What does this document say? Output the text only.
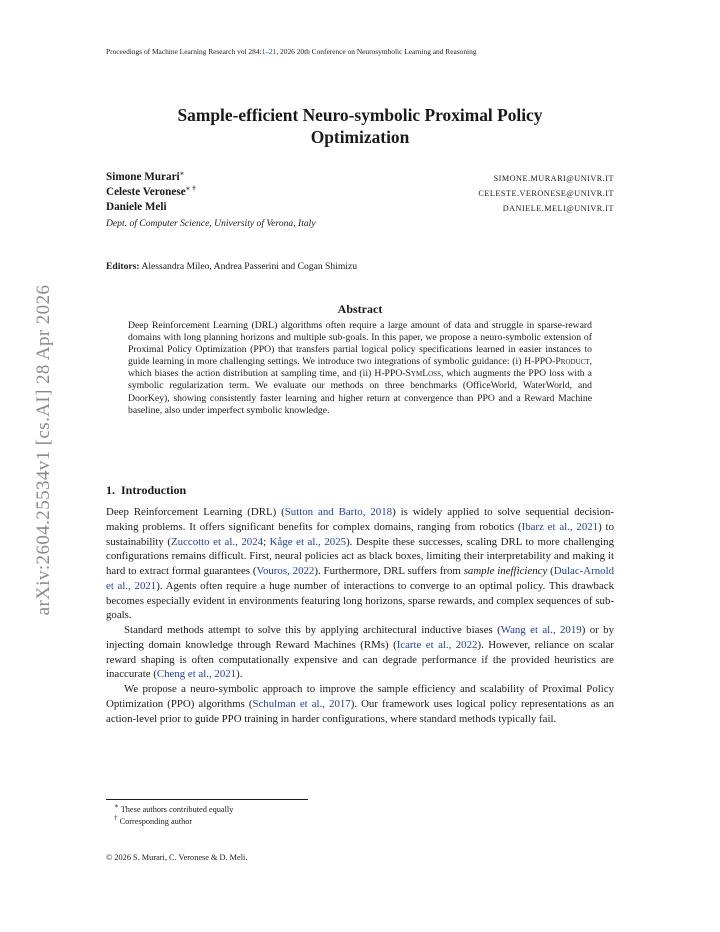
Proceedings of Machine Learning Research vol 284:1–21, 2026 20th Conference on Neurosymbolic Learning and Reasoning
arXiv:2604.25534v1 [cs.AI] 28 Apr 2026
Sample-efficient Neuro-symbolic Proximal Policy
Optimization
Simone Murari∗
SIMONE.MURARI@UNIVR.IT
Celeste Veronese∗ †
CELESTE.VERONESE@UNIVR.IT
Daniele Meli	DANIELE.MELI@UNIVR.IT
Dept. of Computer Science, University of Verona, Italy
Editors: Alessandra Mileo, Andrea Passerini and Cogan Shimizu
Abstract

Deep Reinforcement Learning (DRL) algorithms often require a large amount of data and struggle in sparse-reward domains with long planning horizons and multiple sub-goals. In this paper, we propose a neuro-symbolic extension of Proximal Policy Optimization (PPO) that transfers partial logical policy specifications learned in easier instances to guide learning in more challenging settings. We introduce two integrations of symbolic guidance: (i) H-PPO-Product, which biases the action distribution at sampling time, and (ii) H-PPO-SymLoss, which augments the PPO loss with a symbolic regularization term. We evaluate our methods on three benchmarks (OfficeWorld, WaterWorld, and DoorKey), showing consistently faster learning and higher return at convergence than PPO and a Reward Machine baseline, also under imperfect symbolic knowledge.

1. Introduction

Deep Reinforcement Learning (DRL) (Sutton and Barto, 2018) is widely applied to solve sequential decision-making problems. It offers significant benefits for complex domains, ranging from robotics (Ibarz et al., 2021) to sustainability (Zuccotto et al., 2024; Kåge et al., 2025). Despite these successes, scaling DRL to more challenging configurations remains difficult. First, neural policies act as black boxes, limiting their interpretability and making it hard to extract formal guarantees (Vouros, 2022). Furthermore, DRL suffers from sample inefficiency (Dulac-Arnold et al., 2021). Agents often require a huge number of interactions to converge to an optimal policy. This drawback becomes especially evident in environments featuring long horizons, sparse rewards, and complex sequences of sub-goals.

Standard methods attempt to solve this by applying architectural inductive biases (Wang et al., 2019) or by injecting domain knowledge through Reward Machines (RMs) (Icarte et al., 2022). However, reliance on scalar reward shaping is often computationally expensive and can degrade performance if the provided heuristics are inaccurate (Cheng et al., 2021).

We propose a neuro-symbolic approach to improve the sample efficiency and scalability of Proximal Policy Optimization (PPO) algorithms (Schulman et al., 2017). Our framework uses logical policy representations as an action-level prior to guide PPO training in harder configurations, where standard methods typically fail.

∗ These authors contributed equally
† Corresponding author
© 2026 S. Murari, C. Veronese & D. Meli.
